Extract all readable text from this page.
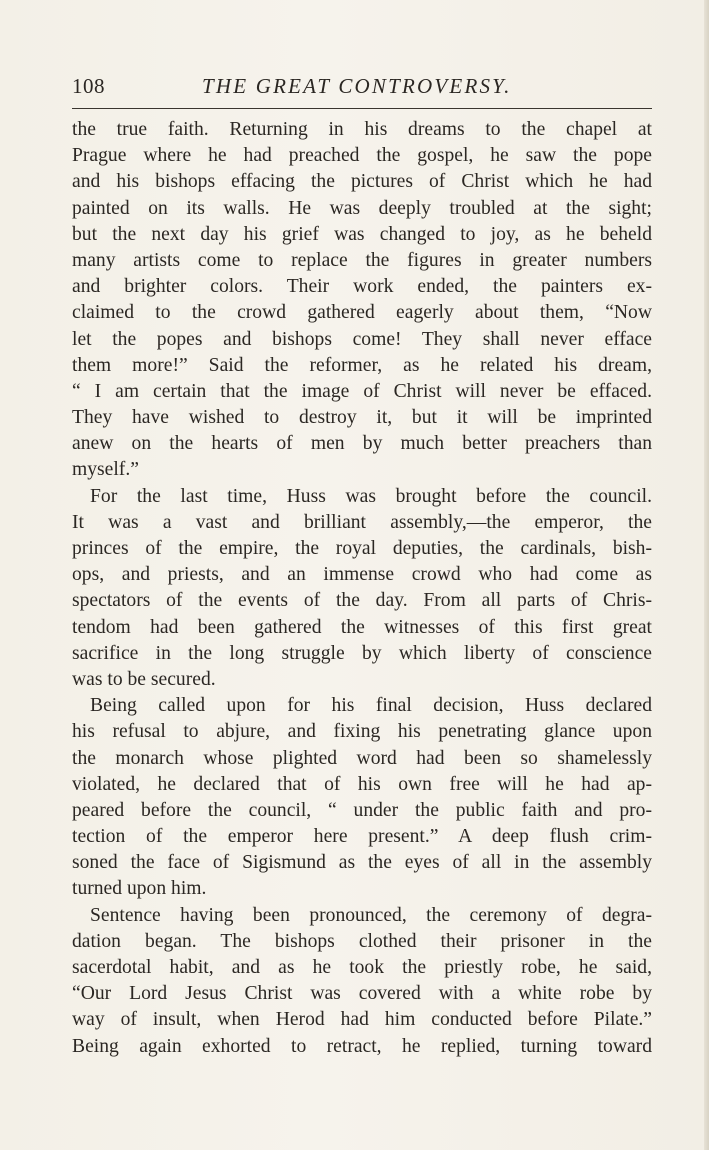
108	THE GREAT CONTROVERSY.
the true faith. Returning in his dreams to the chapel at
Prague where he had preached the gospel, he saw the pope
and his bishops effacing the pictures of Christ which he had
painted on its walls. He was deeply troubled at the sight;
but the next day his grief was changed to joy, as he beheld
many artists come to replace the figures in greater numbers
and brighter colors. Their work ended, the painters ex-
claimed to the crowd gathered eagerly about them, “Now
let the popes and bishops come! They shall never efface
them more!” Said the reformer, as he related his dream,
“ I am certain that the image of Christ will never be effaced.
They have wished to destroy it, but it will be imprinted
anew on the hearts of men by much better preachers than
myself.”
For the last time, Huss was brought before the council.
It was a vast and brilliant assembly,—the emperor, the
princes of the empire, the royal deputies, the cardinals, bish-
ops, and priests, and an immense crowd who had come as
spectators of the events of the day. From all parts of Chris-
tendom had been gathered the witnesses of this first great
sacrifice in the long struggle by which liberty of conscience
was to be secured.
Being called upon for his final decision, Huss declared
his refusal to abjure, and fixing his penetrating glance upon
the monarch whose plighted word had been so shamelessly
violated, he declared that of his own free will he had ap-
peared before the council, “ under the public faith and pro-
tection of the emperor here present.” A deep flush crim-
soned the face of Sigismund as the eyes of all in the assembly
turned upon him.
Sentence having been pronounced, the ceremony of degra-
dation began. The bishops clothed their prisoner in the
sacerdotal habit, and as he took the priestly robe, he said,
“Our Lord Jesus Christ was covered with a white robe by
way of insult, when Herod had him conducted before Pilate.”
Being again exhorted to retract, he replied, turning toward
